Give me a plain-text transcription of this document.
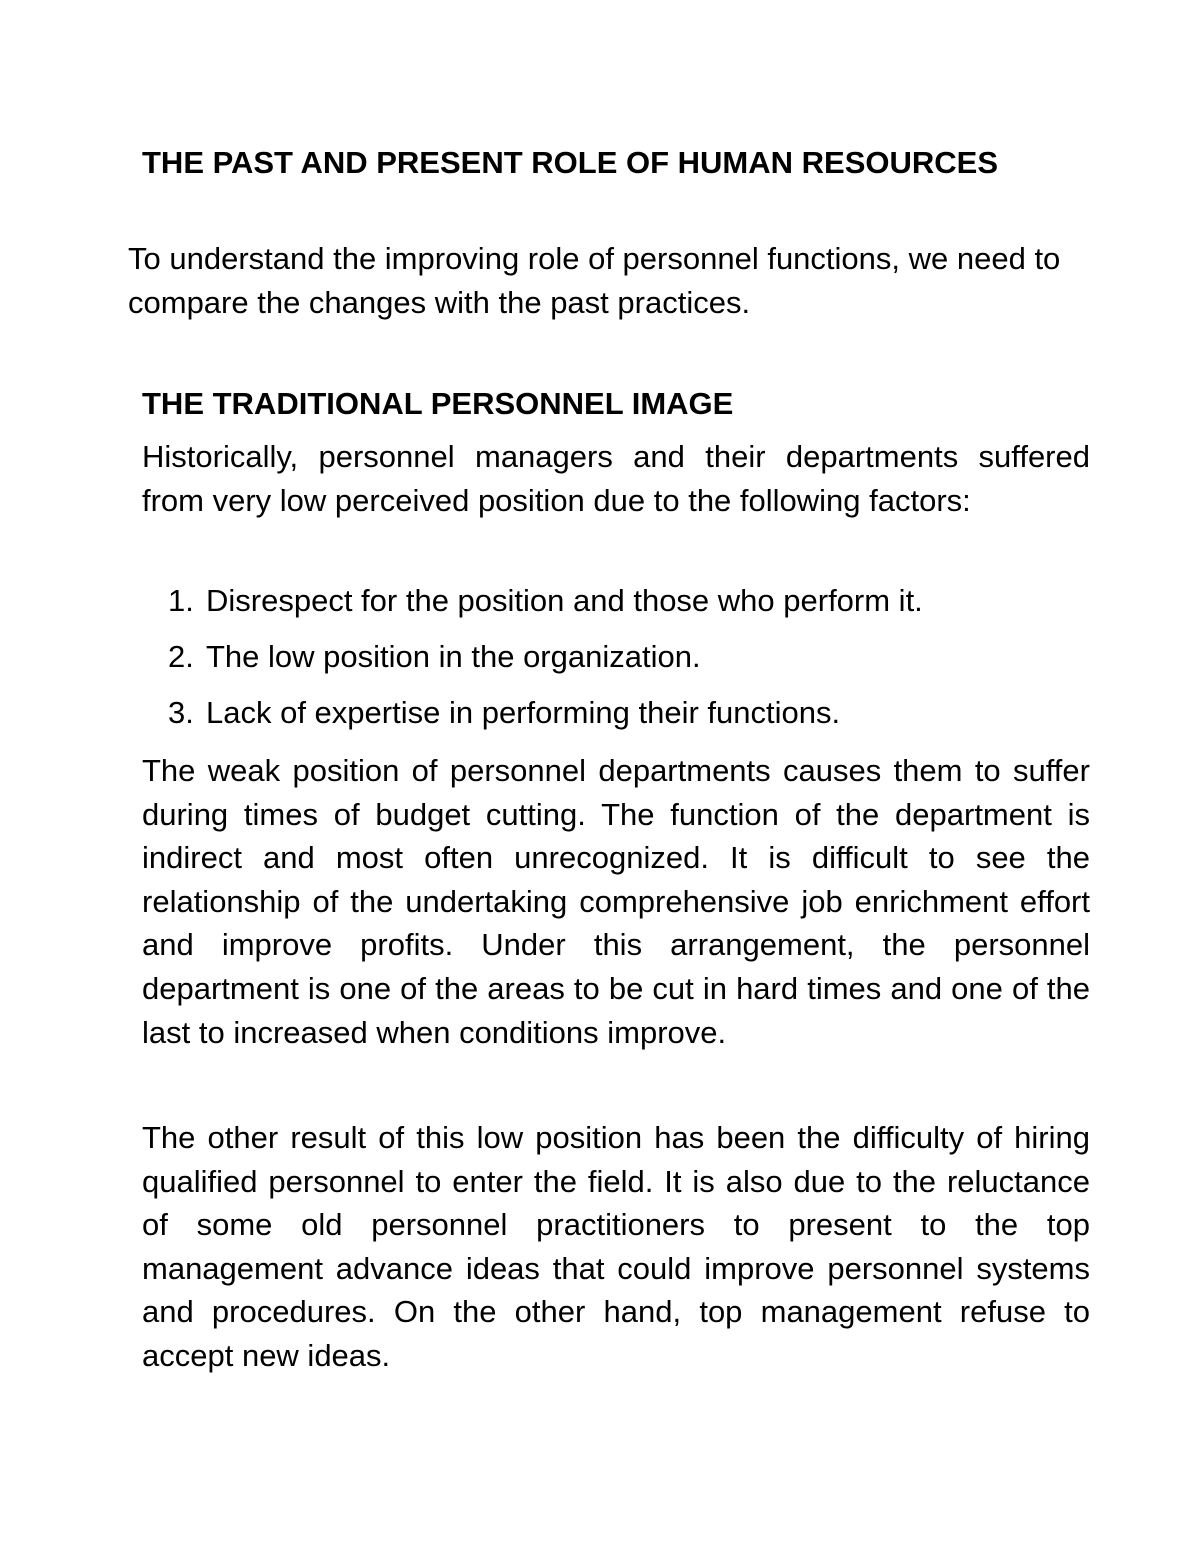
THE PAST AND PRESENT ROLE OF HUMAN RESOURCES

To understand the improving role of personnel functions, we need to compare the changes with the past practices.

THE TRADITIONAL PERSONNEL IMAGE

Historically, personnel managers and their departments suffered from very low perceived position due to the following factors:

1. Disrespect for the position and those who perform it.
2. The low position in the organization.
3. Lack of expertise in performing their functions.

The weak position of personnel departments causes them to suffer during times of budget cutting. The function of the department is indirect and most often unrecognized. It is difficult to see the relationship of the undertaking comprehensive job enrichment effort and improve profits. Under this arrangement, the personnel department is one of the areas to be cut in hard times and one of the last to increased when conditions improve.

The other result of this low position has been the difficulty of hiring qualified personnel to enter the field. It is also due to the reluctance of some old personnel practitioners to present to the top management advance ideas that could improve personnel systems and procedures. On the other hand, top management refuse to accept new ideas.
